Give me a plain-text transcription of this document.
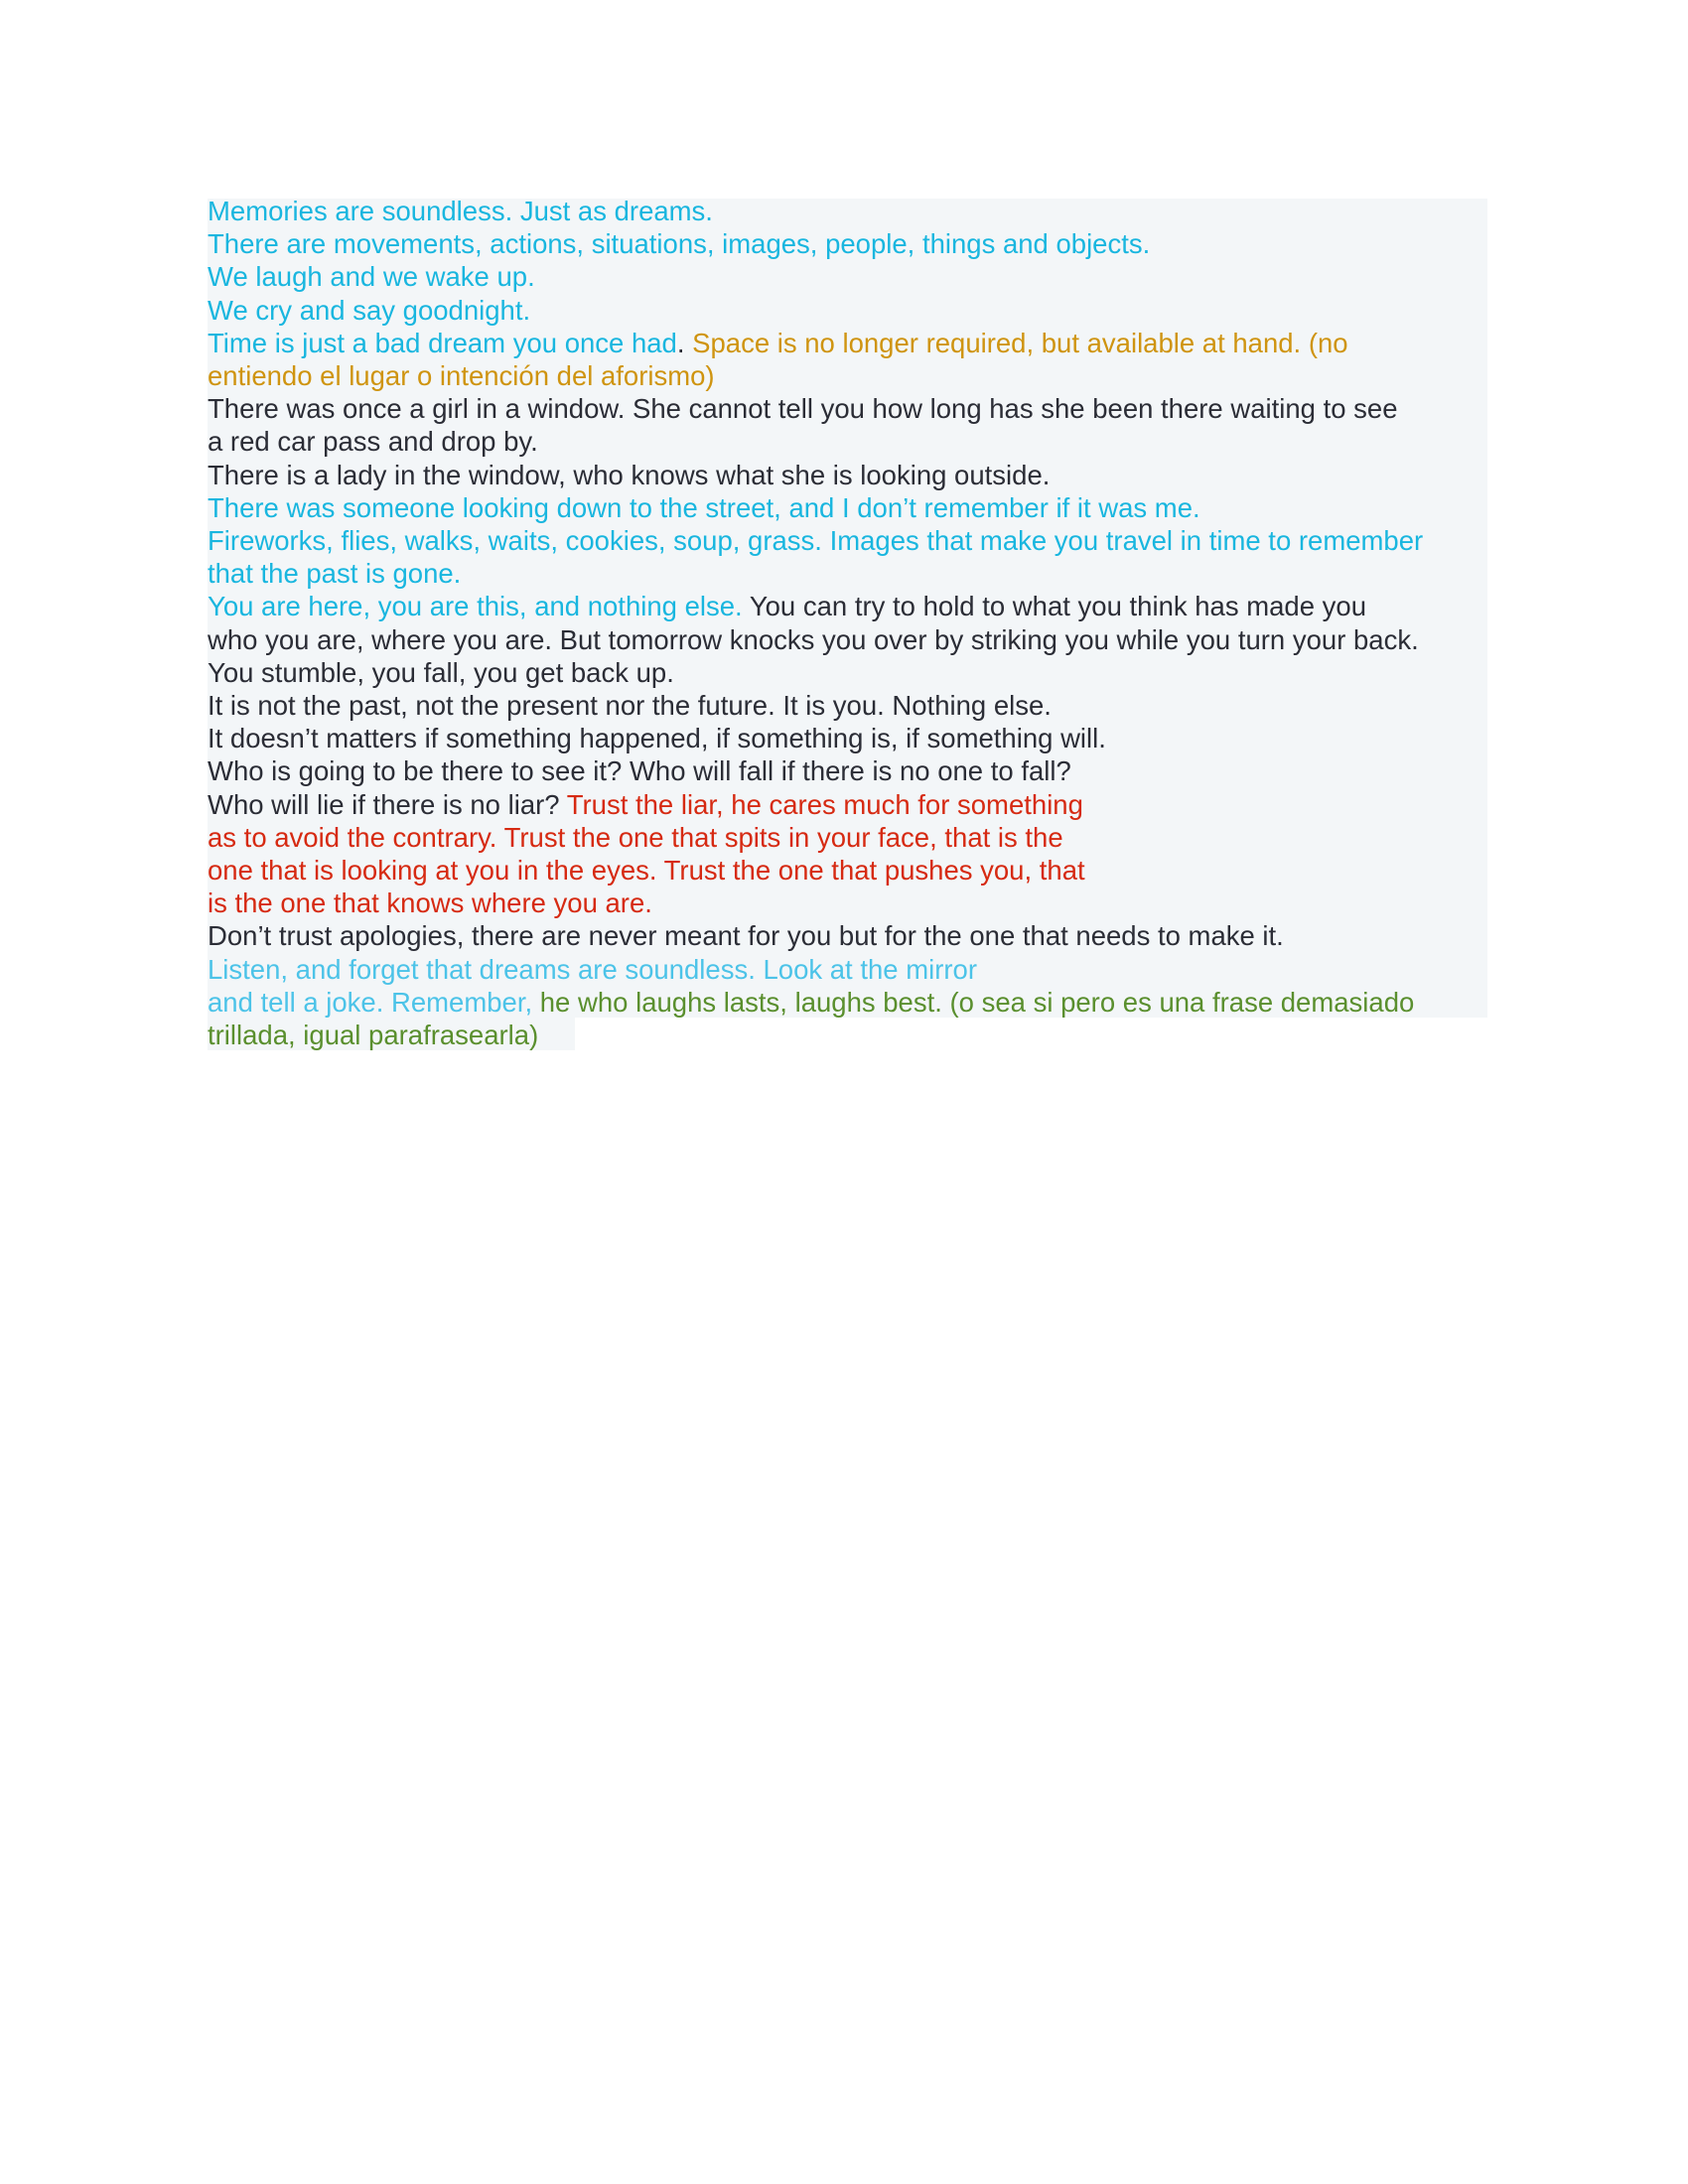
Memories are soundless. Just as dreams.
There are movements, actions, situations, images, people, things and objects.
We laugh and we wake up.
We cry and say goodnight.
Time is just a bad dream you once had. Space is no longer required, but available at hand. (no
entiendo el lugar o intención del aforismo)
There was once a girl in a window. She cannot tell you how long has she been there waiting to see
a red car pass and drop by.
There is a lady in the window, who knows what she is looking outside.
There was someone looking down to the street, and I don’t remember if it was me.
Fireworks, flies, walks, waits, cookies, soup, grass. Images that make you travel in time to remember
that the past is gone.
You are here, you are this, and nothing else. You can try to hold to what you think has made you
who you are, where you are. But tomorrow knocks you over by striking you while you turn your back.
You stumble, you fall, you get back up.
It is not the past, not the present nor the future. It is you. Nothing else.
It doesn’t matters if something happened, if something is, if something will.
Who is going to be there to see it? Who will fall if there is no one to fall?
Who will lie if there is no liar? Trust the liar, he cares much for something
as to avoid the contrary. Trust the one that spits in your face, that is the
one that is looking at you in the eyes. Trust the one that pushes you, that
is the one that knows where you are.
Don’t trust apologies, there are never meant for you but for the one that needs to make it.
Listen, and forget that dreams are soundless. Look at the mirror
and tell a joke. Remember, he who laughs lasts, laughs best. (o sea si pero es una frase demasiado
trillada, igual parafrasearla)
